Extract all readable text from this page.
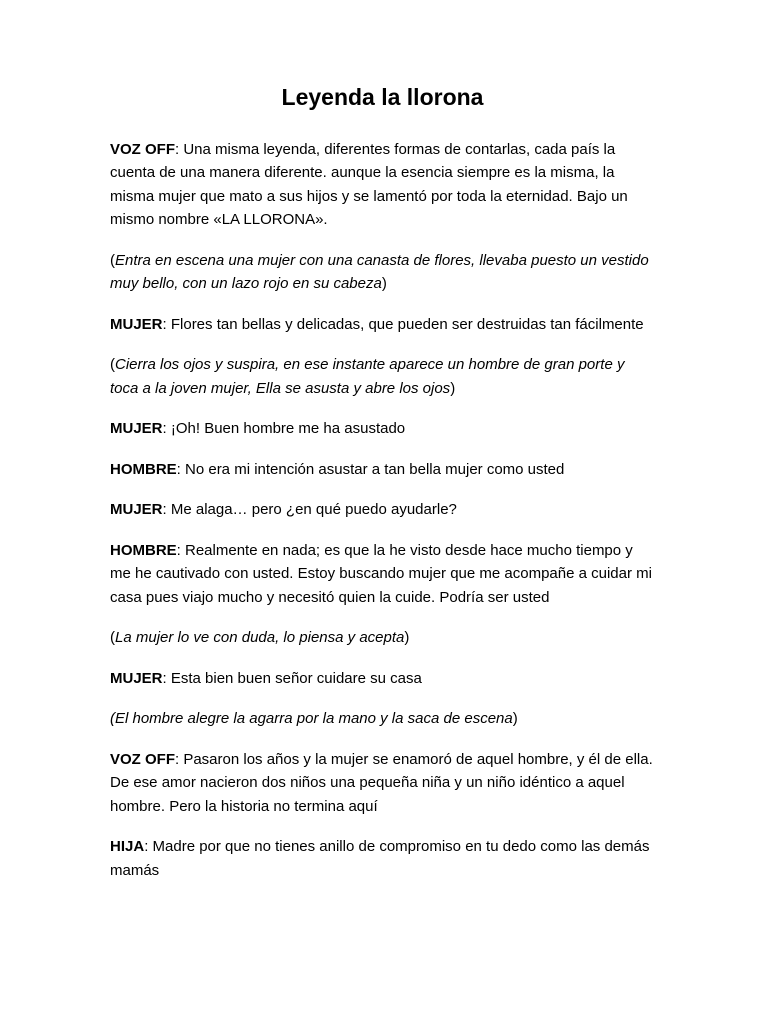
Leyenda la llorona

VOZ OFF: Una misma leyenda, diferentes formas de contarlas, cada país la cuenta de una manera diferente. aunque la esencia siempre es la misma, la misma mujer que mato a sus hijos y se lamentó por toda la eternidad. Bajo un mismo nombre «LA LLORONA».

(Entra en escena una mujer con una canasta de flores, llevaba puesto un vestido muy bello, con un lazo rojo en su cabeza)

MUJER: Flores tan bellas y delicadas, que pueden ser destruidas tan fácilmente

(Cierra los ojos y suspira, en ese instante aparece un hombre de gran porte y toca a la joven mujer, Ella se asusta y abre los ojos)

MUJER: ¡Oh! Buen hombre me ha asustado

HOMBRE: No era mi intención asustar a tan bella mujer como usted

MUJER: Me alaga… pero ¿en qué puedo ayudarle?

HOMBRE: Realmente en nada; es que la he visto desde hace mucho tiempo y me he cautivado con usted. Estoy buscando mujer que me acompañe a cuidar mi casa pues viajo mucho y necesitó quien la cuide. Podría ser usted

(La mujer lo ve con duda, lo piensa y acepta)

MUJER: Esta bien buen señor cuidare su casa

(El hombre alegre la agarra por la mano y la saca de escena)

VOZ OFF: Pasaron los años y la mujer se enamoró de aquel hombre, y él de ella. De ese amor nacieron dos niños una pequeña niña y un niño idéntico a aquel hombre. Pero la historia no termina aquí

HIJA: Madre por que no tienes anillo de compromiso en tu dedo como las demás mamás
